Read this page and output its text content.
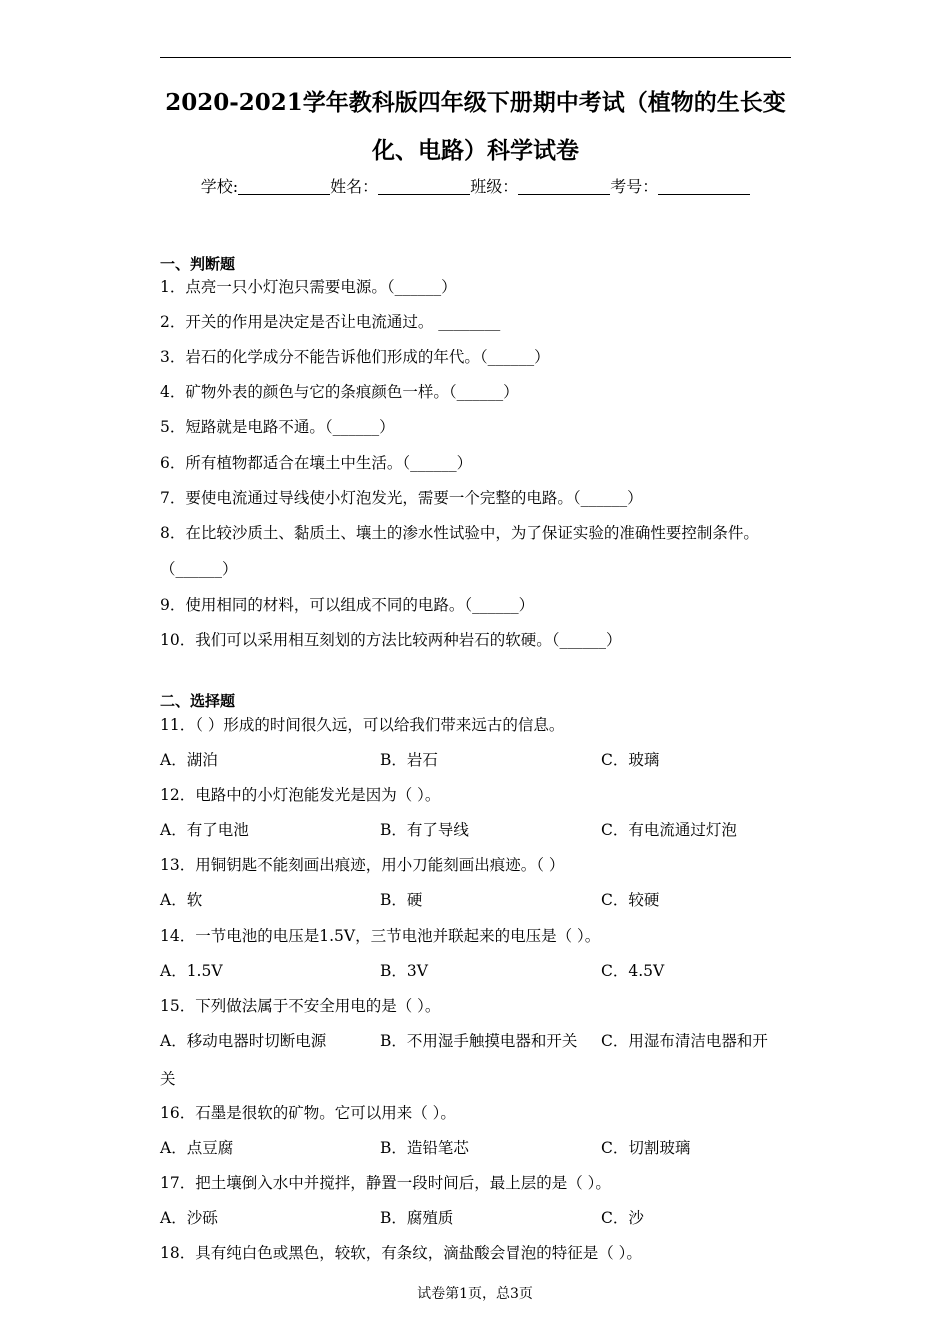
2020-2021学年教科版四年级下册期中考试（植物的生长变
化、电路）科学试卷
学校:	姓名：	班级：	考号：
一、判断题
1．点亮一只小灯泡只需要电源。（______）
2．开关的作用是决定是否让电流通过。 ________
3．岩石的化学成分不能告诉他们形成的年代。（______）
4．矿物外表的颜色与它的条痕颜色一样。（______）
5．短路就是电路不通。（______）
6．所有植物都适合在壤土中生活。（______）
7．要使电流通过导线使小灯泡发光，需要一个完整的电路。（______）
8．在比较沙质土、黏质土、壤土的渗水性试验中，为了保证实验的准确性要控制条件。
（______）
9．使用相同的材料，可以组成不同的电路。（______）
10．我们可以采用相互刻划的方法比较两种岩石的软硬。（______）
二、选择题
11．（ ）形成的时间很久远，可以给我们带来远古的信息。
A．湖泊	B．岩石	C．玻璃
12．电路中的小灯泡能发光是因为（ ）。
A．有了电池	B．有了导线	C．有电流通过灯泡
13．用铜钥匙不能刻画出痕迹，用小刀能刻画出痕迹。（ ）
A．软	B．硬	C．较硬
14．一节电池的电压是1.5V，三节电池并联起来的电压是（ ）。
A．1.5V	B．3V	C．4.5V
15．下列做法属于不安全用电的是（ ）。
A．移动电器时切断电源	B．不用湿手触摸电器和开关 C．用湿布清洁电器和开
关
16．石墨是很软的矿物。它可以用来（ ）。
A．点豆腐	B．造铅笔芯	C．切割玻璃
17．把土壤倒入水中并搅拌，静置一段时间后，最上层的是（ ）。
A．沙砾	B．腐殖质	C．沙
18．具有纯白色或黑色，较软，有条纹，滴盐酸会冒泡的特征是（ ）。
试卷第1页，总3页
